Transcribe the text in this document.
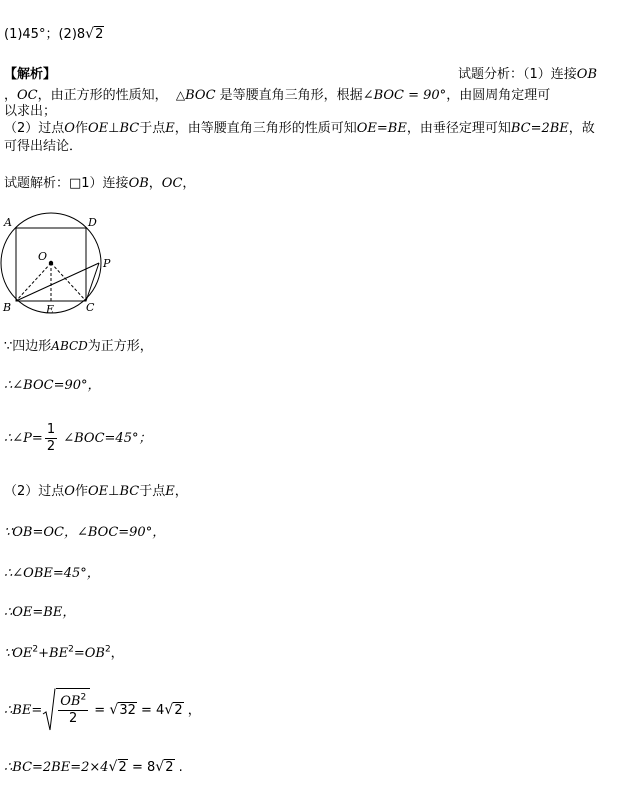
(1)45°；(2)8 √ 2
【解析】	试题分析：（1）连接OB
，OC，由正方形的性质知， △BOC 是等腰直角三角形，根据∠BOC = 90°，由圆周角定理可
以求出；
（2）过点O作OE⊥BC于点E，由等腰直角三角形的性质可知OE=BE，由垂径定理可知BC=2BE，故
可得出结论．
试题解析：□1）连接OB，OC，
A	D
O
P
B	E	C
∵四边形ABCD为正方形，
∴∠BOC=90°，
∴∠P= $\frac{1}{2}$ ∠BOC=45°；
（2）过点O作OE⊥BC于点E，
∵OB=OC，∠BOC=90°，
∴∠OBE=45°，
∴OE=BE，
$\because OE^2+BE^2=OB^2$，
∴BE= $\frac{OB^2}{2}$ = √ 32 = 4 √ 2 ，
∴BC=2BE=2×4 √ 2 = 8 √ 2 .
